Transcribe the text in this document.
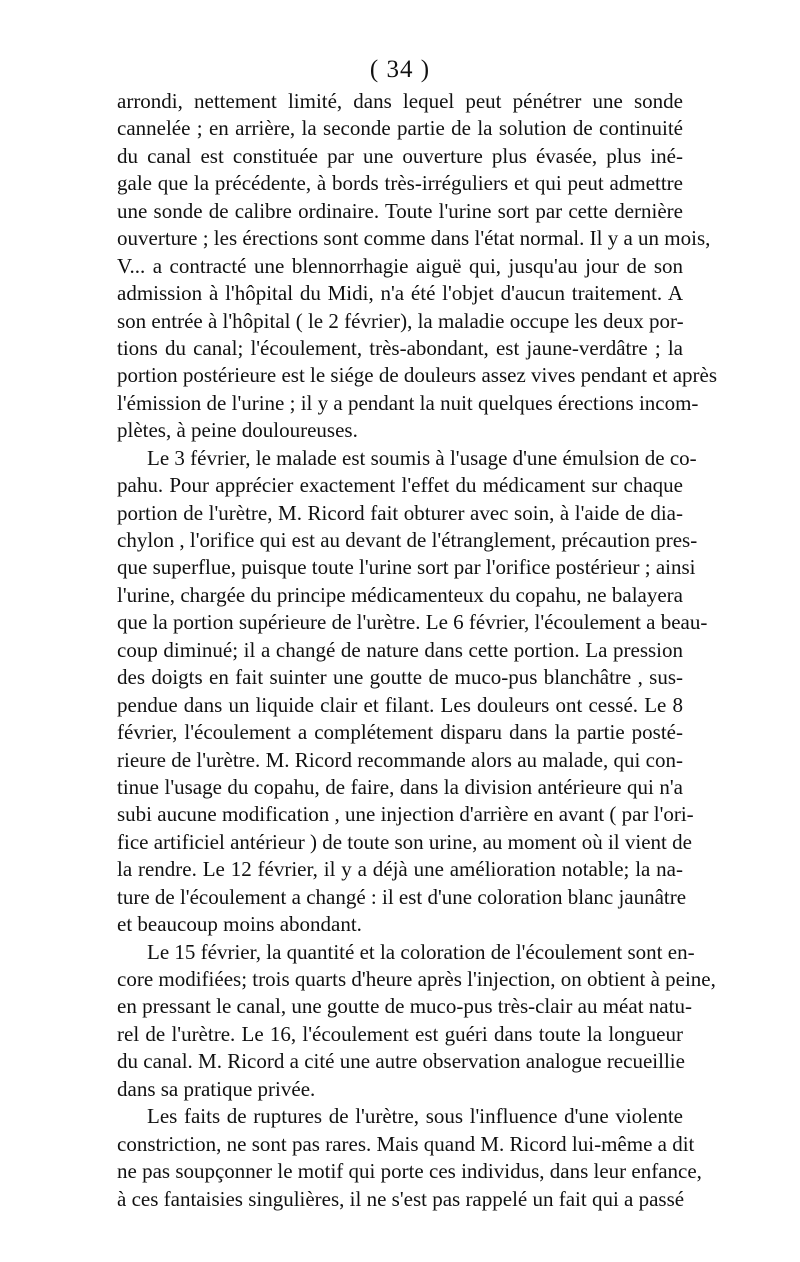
( 34 )
arrondi, nettement limité, dans lequel peut pénétrer une sonde
cannelée ; en arrière, la seconde partie de la solution de continuité
du canal est constituée par une ouverture plus évasée, plus iné-
gale que la précédente, à bords très-irréguliers et qui peut admettre
une sonde de calibre ordinaire. Toute l'urine sort par cette dernière
ouverture ; les érections sont comme dans l'état normal. Il y a un mois,
V... a contracté une blennorrhagie aiguë qui, jusqu'au jour de son
admission à l'hôpital du Midi, n'a été l'objet d'aucun traitement. A
son entrée à l'hôpital ( le 2 février), la maladie occupe les deux por-
tions du canal; l'écoulement, très-abondant, est jaune-verdâtre ; la
portion postérieure est le siége de douleurs assez vives pendant et après
l'émission de l'urine ; il y a pendant la nuit quelques érections incom-
plètes, à peine douloureuses.
Le 3 février, le malade est soumis à l'usage d'une émulsion de co-
pahu. Pour apprécier exactement l'effet du médicament sur chaque
portion de l'urètre, M. Ricord fait obturer avec soin, à l'aide de dia-
chylon , l'orifice qui est au devant de l'étranglement, précaution pres-
que superflue, puisque toute l'urine sort par l'orifice postérieur ; ainsi
l'urine, chargée du principe médicamenteux du copahu, ne balayera
que la portion supérieure de l'urètre. Le 6 février, l'écoulement a beau-
coup diminué; il a changé de nature dans cette portion. La pression
des doigts en fait suinter une goutte de muco-pus blanchâtre , sus-
pendue dans un liquide clair et filant. Les douleurs ont cessé. Le 8
février, l'écoulement a complétement disparu dans la partie posté-
rieure de l'urètre. M. Ricord recommande alors au malade, qui con-
tinue l'usage du copahu, de faire, dans la division antérieure qui n'a
subi aucune modification , une injection d'arrière en avant ( par l'ori-
fice artificiel antérieur ) de toute son urine, au moment où il vient de
la rendre. Le 12 février, il y a déjà une amélioration notable; la na-
ture de l'écoulement a changé : il est d'une coloration blanc jaunâtre
et beaucoup moins abondant.
Le 15 février, la quantité et la coloration de l'écoulement sont en-
core modifiées; trois quarts d'heure après l'injection, on obtient à peine,
en pressant le canal, une goutte de muco-pus très-clair au méat natu-
rel de l'urètre. Le 16, l'écoulement est guéri dans toute la longueur
du canal. M. Ricord a cité une autre observation analogue recueillie
dans sa pratique privée.
Les faits de ruptures de l'urètre, sous l'influence d'une violente
constriction, ne sont pas rares. Mais quand M. Ricord lui-même a dit
ne pas soupçonner le motif qui porte ces individus, dans leur enfance,
à ces fantaisies singulières, il ne s'est pas rappelé un fait qui a passé
